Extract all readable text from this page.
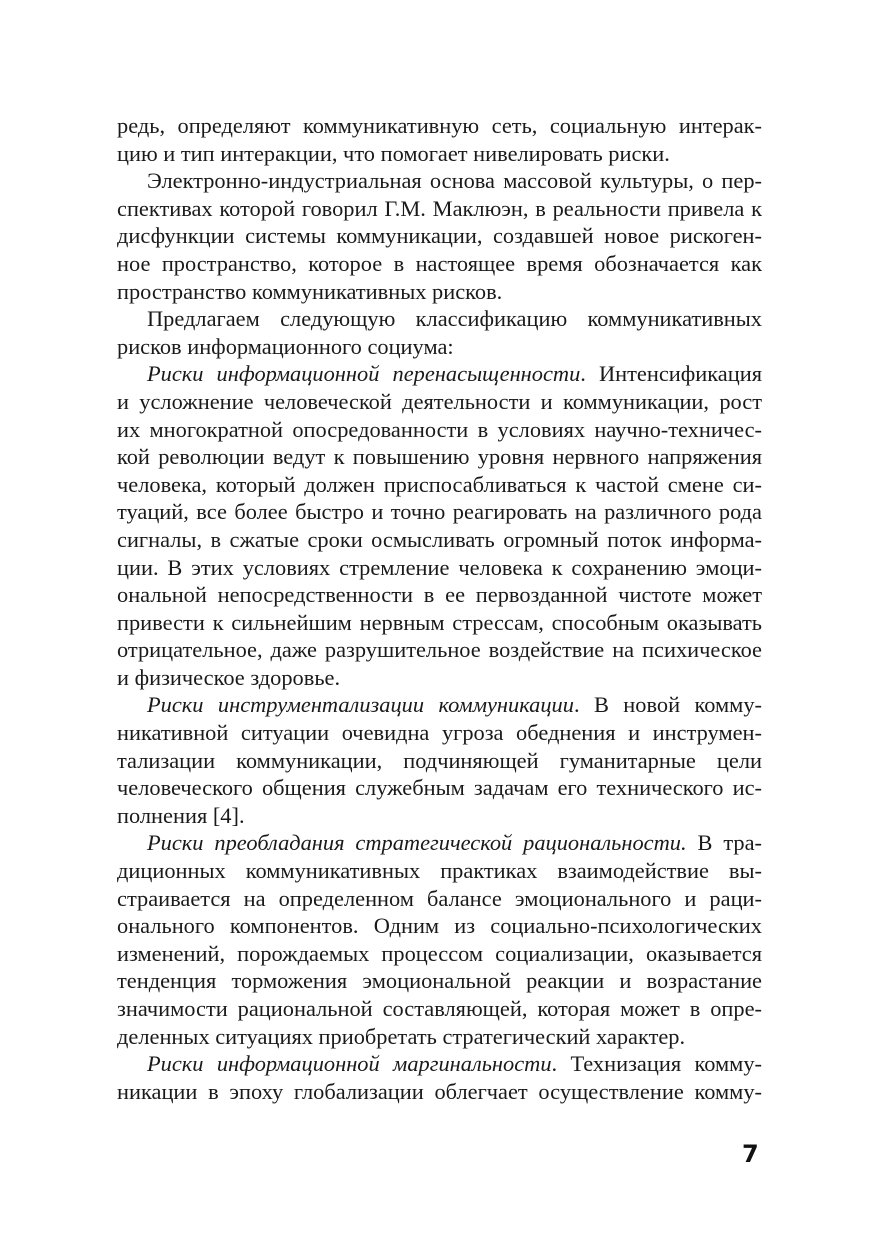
редь, определяют коммуникативную сеть, социальную интерак-
цию и тип интеракции, что помогает нивелировать риски.

Электронно-индустриальная основа массовой культуры, о пер-
спективах которой говорил Г.М. Маклюэн, в реальности привела к
дисфункции системы коммуникации, создавшей новое рискоген-
ное пространство, которое в настоящее время обозначается как
пространство коммуникативных рисков.

Предлагаем следующую классификацию коммуникативных
рисков информационного социума:

Риски информационной перенасыщенности. Интенсификация
и усложнение человеческой деятельности и коммуникации, рост
их многократной опосредованности в условиях научно-техничес-
кой революции ведут к повышению уровня нервного напряжения
человека, который должен приспосабливаться к частой смене си-
туаций, все более быстро и точно реагировать на различного рода
сигналы, в сжатые сроки осмысливать огромный поток информа-
ции. В этих условиях стремление человека к сохранению эмоци-
ональной непосредственности в ее первозданной чистоте может
привести к сильнейшим нервным стрессам, способным оказывать
отрицательное, даже разрушительное воздействие на психическое
и физическое здоровье.

Риски инструментализации коммуникации. В новой комму-
никативной ситуации очевидна угроза обеднения и инструмен-
тализации коммуникации, подчиняющей гуманитарные цели
человеческого общения служебным задачам его технического ис-
полнения [4].

Риски преобладания стратегической рациональности. В тра-
диционных коммуникативных практиках взаимодействие вы-
страивается на определенном балансе эмоционального и раци-
онального компонентов. Одним из социально-психологических
изменений, порождаемых процессом социализации, оказывается
тенденция торможения эмоциональной реакции и возрастание
значимости рациональной составляющей, которая может в опре-
деленных ситуациях приобретать стратегический характер.

Риски информационной маргинальности. Технизация комму-
никации в эпоху глобализации облегчает осуществление комму-

7
